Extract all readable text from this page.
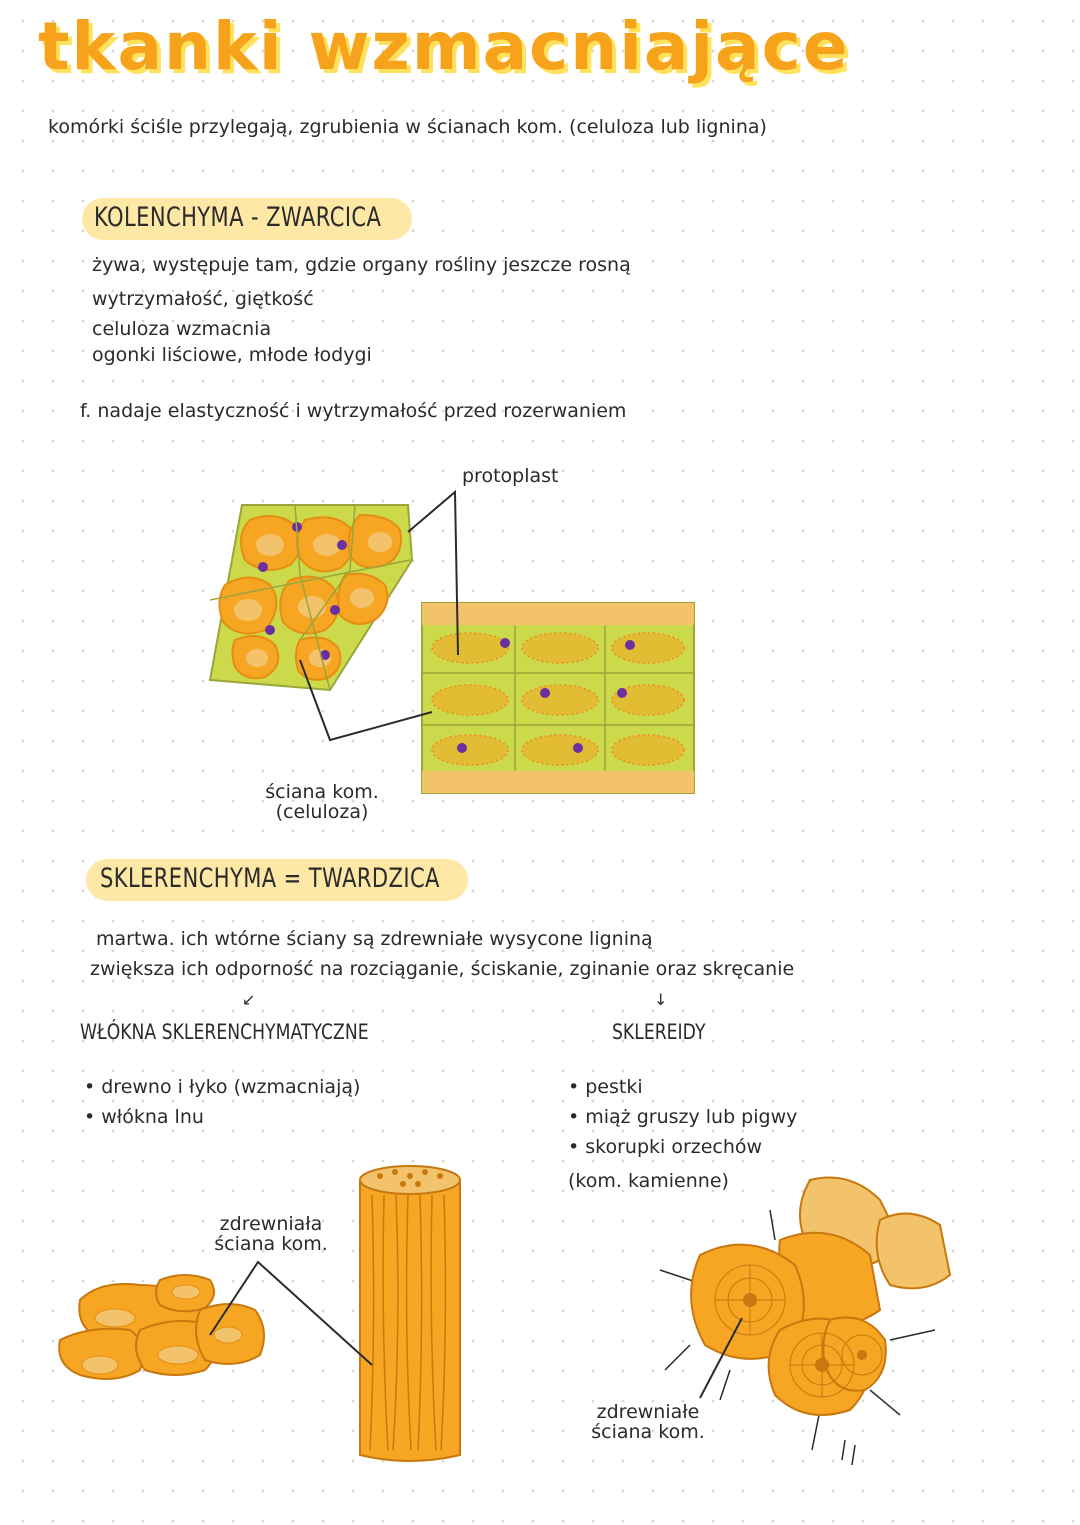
tkanki wzmacniające
komórki ściśle przylegają, zgrubienia w ścianach kom. (celuloza lub lignina)
KOLENCHYMA - ZWARCICA
żywa, występuje tam, gdzie organy rośliny jeszcze rosną
wytrzymałość, giętkość
celuloza wzmacnia
ogonki liściowe, młode łodygi
f. nadaje elastyczność i wytrzymałość przed rozerwaniem
protoplast
ściana kom.
(celuloza)
SKLERENCHYMA = TWARDZICA
martwa. ich wtórne ściany są zdrewniałe wysycone ligniną
zwiększa ich odporność na rozciąganie, ściskanie, zginanie oraz skręcanie
↙	↓
WŁÓKNA SKLERENCHYMATYCZNE
• drewno i łyko (wzmacniają)
• włókna lnu
SKLEREIDY
• pestki
• miąż gruszy lub pigwy
• skorupki orzechów
(kom. kamienne)
zdrewniała
ściana kom.
zdrewniałe
ściana kom.
